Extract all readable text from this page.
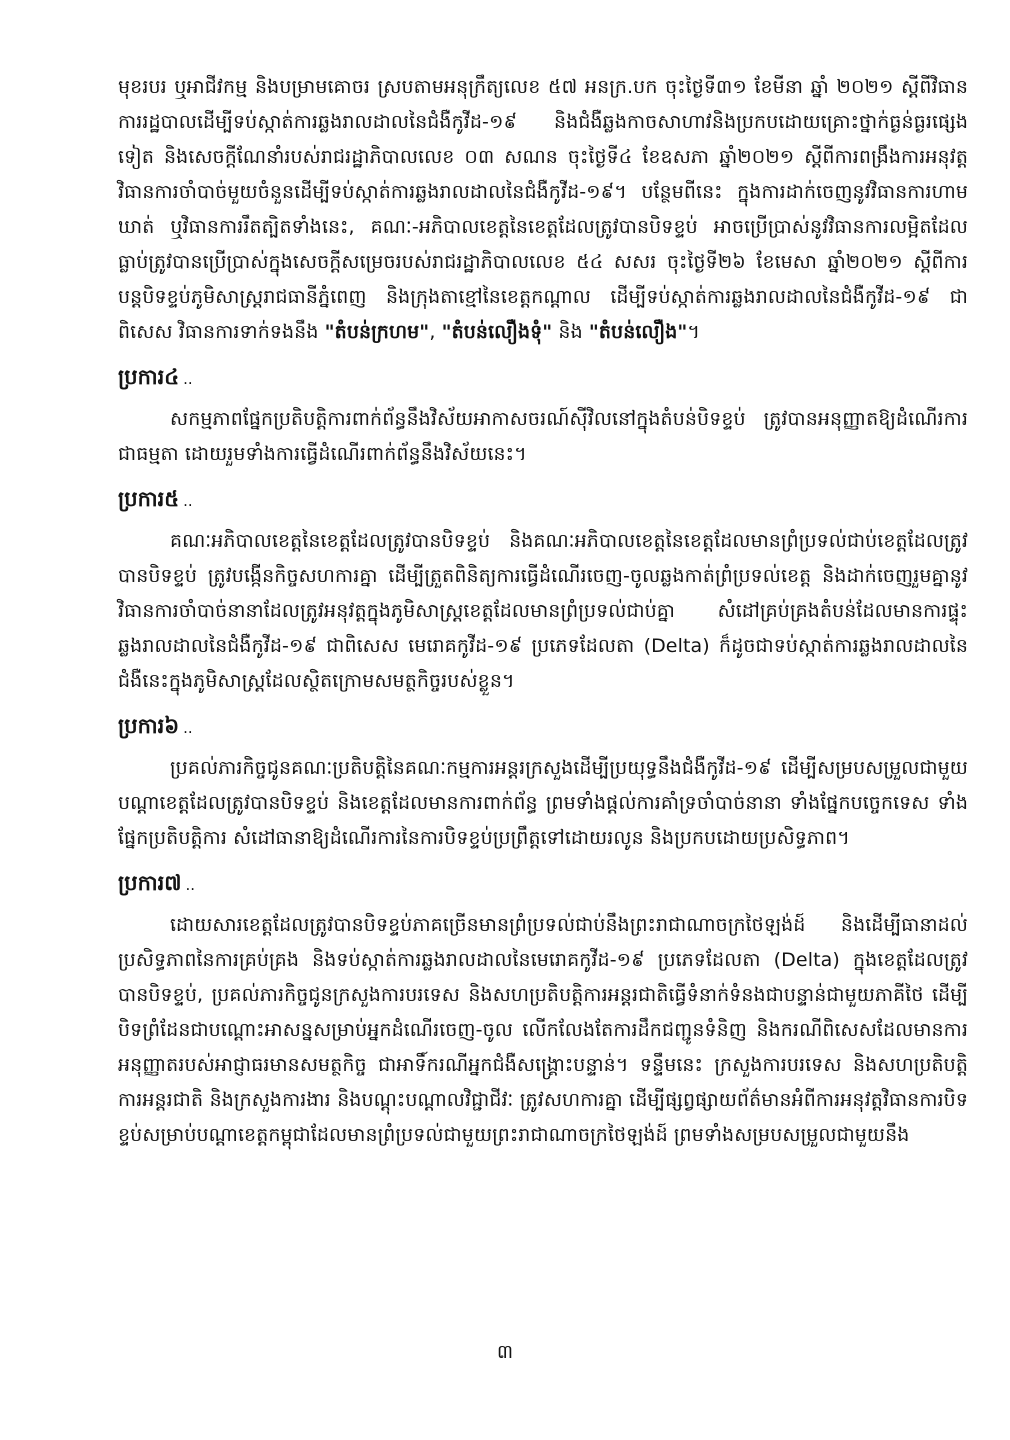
មុខរបរ ឬអាជីវកម្ម និងបម្រាមគោចរ ស្របតាមអនុក្រឹត្យលេខ ៥៧ អនក្រ.បក ចុះថ្ងៃទី៣១ ខែមីនា ឆ្នាំ ២០២១ ស្តីពីវិធានការរដ្ឋបាលដើម្បីទប់ស្កាត់ការឆ្លងរាលដាលនៃជំងឺកូវីដ-១៩ និងជំងឺឆ្លងកាចសាហាវនិងប្រកបដោយគ្រោះថ្នាក់ធ្ងន់ធ្ងរផ្សេងទៀត និងសេចក្តីណែនាំរបស់រាជរដ្ឋាភិបាលលេខ ០៣ សណន ចុះថ្ងៃទី៤ ខែឧសភា ឆ្នាំ២០២១ ស្តីពីការពង្រឹងការអនុវត្តវិធានការចាំបាច់មួយចំនួនដើម្បីទប់ស្កាត់ការឆ្លងរាលដាលនៃជំងឺកូវីដ-១៩។ បន្ថែមពីនេះ ក្នុងការដាក់ចេញនូវវិធានការហាមឃាត់ ឬវិធានការរឹតត្បិតទាំងនេះ, គណៈ-អភិបាលខេត្តនៃខេត្តដែលត្រូវបានបិទខ្ទប់ អាចប្រើប្រាស់នូវវិធានការលម្អិតដែលធ្លាប់ត្រូវបានប្រើប្រាស់ក្នុងសេចក្តីសម្រេចរបស់រាជរដ្ឋាភិបាលលេខ ៥៤ សសរ ចុះថ្ងៃទី២៦ ខែមេសា ឆ្នាំ២០២១ ស្តីពីការបន្តបិទខ្ទប់ភូមិសាស្ត្ររាជធានីភ្នំពេញ និងក្រុងតាខ្មៅនៃខេត្តកណ្តាល ដើម្បីទប់ស្កាត់ការឆ្លងរាលដាលនៃជំងឺកូវីដ-១៩ ជាពិសេស វិធានការទាក់ទងនឹង "តំបន់ក្រហម", "តំបន់លឿងទុំ" និង "តំបន់លឿង"។

ប្រការ៤ ..

សកម្មភាពផ្នែកប្រតិបត្តិការពាក់ព័ន្ធនឹងវិស័យអាកាសចរណ៍ស៊ីវិលនៅក្នុងតំបន់បិទខ្ទប់ ត្រូវបានអនុញ្ញាតឱ្យដំណើរការជាធម្មតា ដោយរួមទាំងការធ្វើដំណើរពាក់ព័ន្ធនឹងវិស័យនេះ។

ប្រការ៥ ..

គណៈអភិបាលខេត្តនៃខេត្តដែលត្រូវបានបិទខ្ទប់ និងគណៈអភិបាលខេត្តនៃខេត្តដែលមានព្រំប្រទល់ជាប់ខេត្តដែលត្រូវបានបិទខ្ទប់ ត្រូវបង្កើនកិច្ចសហការគ្នា ដើម្បីត្រួតពិនិត្យការធ្វើដំណើរចេញ-ចូលឆ្លងកាត់ព្រំប្រទល់ខេត្ត និងដាក់ចេញរួមគ្នានូវវិធានការចាំបាច់នានាដែលត្រូវអនុវត្តក្នុងភូមិសាស្ត្រខេត្តដែលមានព្រំប្រទល់ជាប់គ្នា សំដៅគ្រប់គ្រងតំបន់ដែលមានការផ្ទុះឆ្លងរាលដាលនៃជំងឺកូវីដ-១៩ ជាពិសេស មេរោគកូវីដ-១៩ ប្រភេទដែលតា (Delta) ក៏ដូចជាទប់ស្កាត់ការឆ្លងរាលដាលនៃជំងឺនេះក្នុងភូមិសាស្ត្រដែលស្ថិតក្រោមសមត្ថកិច្ចរបស់ខ្លួន។

ប្រការ៦ ..

ប្រគល់ភារកិច្ចជូនគណៈប្រតិបត្តិនៃគណៈកម្មការអន្តរក្រសួងដើម្បីប្រយុទ្ធនឹងជំងឺកូវីដ-១៩ ដើម្បីសម្របសម្រួលជាមួយបណ្តាខេត្តដែលត្រូវបានបិទខ្ទប់ និងខេត្តដែលមានការពាក់ព័ន្ធ ព្រមទាំងផ្តល់ការគាំទ្រចាំបាច់នានា ទាំងផ្នែកបច្ចេកទេស ទាំងផ្នែកប្រតិបត្តិការ សំដៅធានាឱ្យដំណើរការនៃការបិទខ្ទប់ប្រព្រឹត្តទៅដោយរលូន និងប្រកបដោយប្រសិទ្ធភាព។

ប្រការ៧ ..

ដោយសារខេត្តដែលត្រូវបានបិទខ្ទប់ភាគច្រើនមានព្រំប្រទល់ជាប់នឹងព្រះរាជាណាចក្រថៃឡង់ដ៍ និងដើម្បីធានាដល់ប្រសិទ្ធភាពនៃការគ្រប់គ្រង និងទប់ស្កាត់ការឆ្លងរាលដាលនៃមេរោគកូវីដ-១៩ ប្រភេទដែលតា (Delta) ក្នុងខេត្តដែលត្រូវបានបិទខ្ទប់, ប្រគល់ភារកិច្ចជូនក្រសួងការបរទេស និងសហប្រតិបត្តិការអន្តរជាតិធ្វើទំនាក់ទំនងជាបន្ទាន់ជាមួយភាគីថៃ ដើម្បីបិទព្រំដែនជាបណ្តោះអាសន្នសម្រាប់អ្នកដំណើរចេញ-ចូល លើកលែងតែការដឹកជញ្ជូនទំនិញ និងករណីពិសេសដែលមានការអនុញ្ញាតរបស់អាជ្ញាធរមានសមត្ថកិច្ច ជាអាទិ៍ករណីអ្នកជំងឺសង្គ្រោះបន្ទាន់។ ទន្ទឹមនេះ ក្រសួងការបរទេស និងសហប្រតិបត្តិការអន្តរជាតិ និងក្រសួងការងារ និងបណ្តុះបណ្តាលវិជ្ជាជីវៈ ត្រូវសហការគ្នា ដើម្បីផ្សព្វផ្សាយព័ត៌មានអំពីការអនុវត្តវិធានការបិទខ្ទប់សម្រាប់បណ្តាខេត្តកម្ពុជាដែលមានព្រំប្រទល់ជាមួយព្រះរាជាណាចក្រថៃឡង់ដ៍ ព្រមទាំងសម្របសម្រួលជាមួយនឹង

៣
